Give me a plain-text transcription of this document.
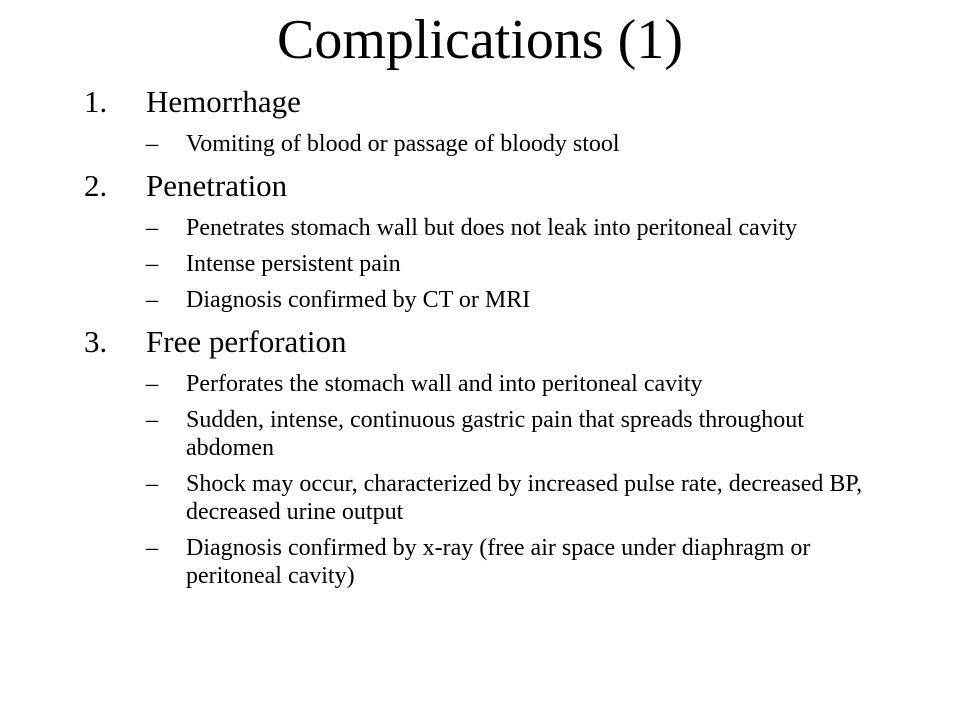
Complications (1)
1. Hemorrhage
– Vomiting of blood or passage of bloody stool
2. Penetration
– Penetrates stomach wall but does not leak into peritoneal cavity
– Intense persistent pain
– Diagnosis confirmed by CT or MRI
3. Free perforation
– Perforates the stomach wall and into peritoneal cavity
– Sudden, intense, continuous gastric pain that spreads throughout abdomen
– Shock may occur, characterized by increased pulse rate, decreased BP, decreased urine output
– Diagnosis confirmed by x-ray (free air space under diaphragm or peritoneal cavity)
